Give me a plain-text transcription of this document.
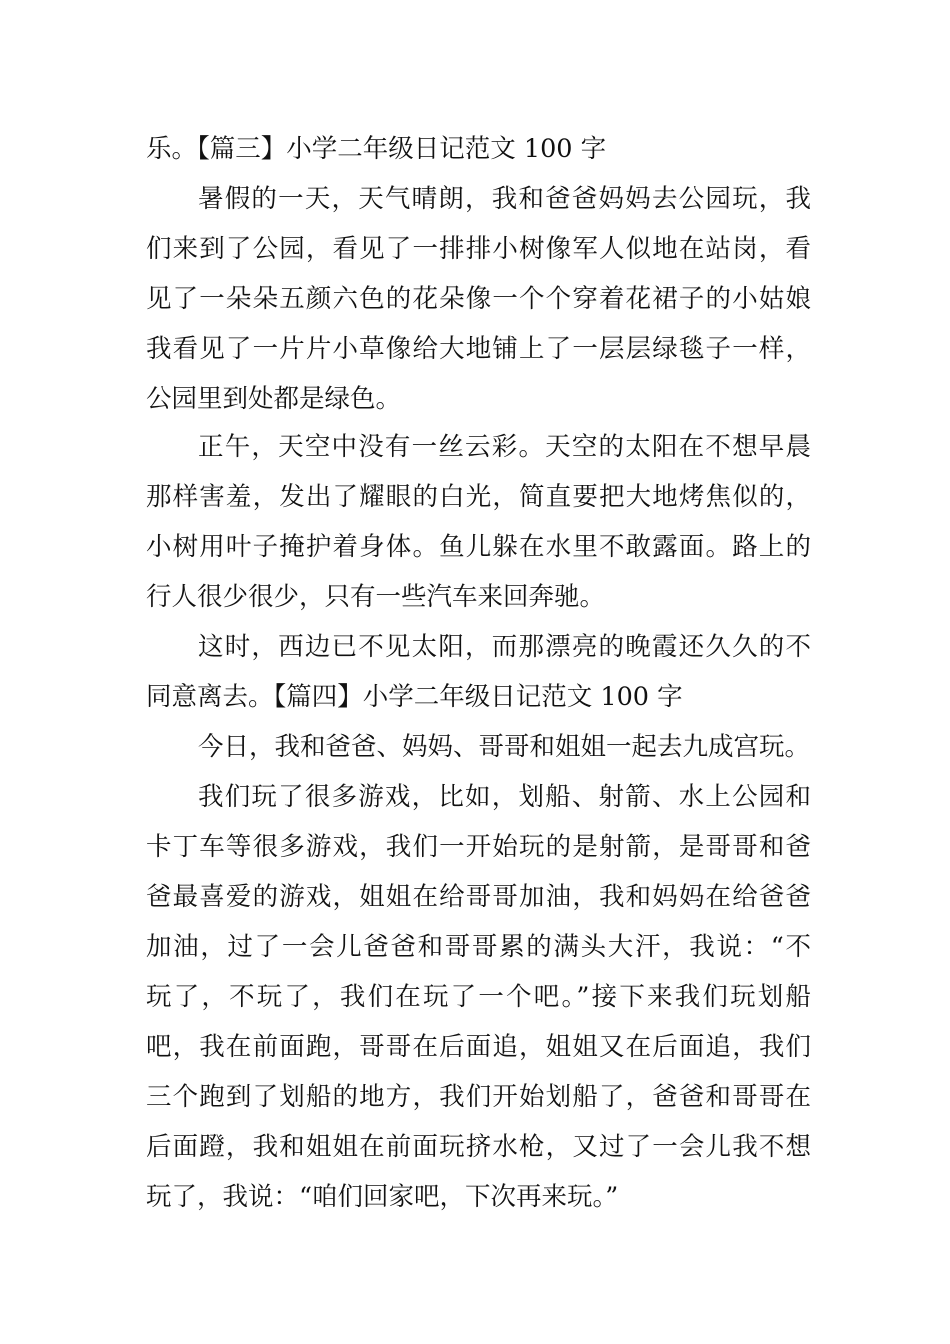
乐。【篇三】小学二年级日记范文 100 字
暑假的一天，天气晴朗，我和爸爸妈妈去公园玩，我
们来到了公园，看见了一排排小树像军人似地在站岗，看
见了一朵朵五颜六色的花朵像一个个穿着花裙子的小姑娘
我看见了一片片小草像给大地铺上了一层层绿毯子一样，
公园里到处都是绿色。
正午，天空中没有一丝云彩。天空的太阳在不想早晨
那样害羞，发出了耀眼的白光，简直要把大地烤焦似的，
小树用叶子掩护着身体。鱼儿躲在水里不敢露面。路上的
行人很少很少，只有一些汽车来回奔驰。
这时，西边已不见太阳，而那漂亮的晚霞还久久的不
同意离去。【篇四】小学二年级日记范文 100 字
今日，我和爸爸、妈妈、哥哥和姐姐一起去九成宫玩。
我们玩了很多游戏，比如，划船、射箭、水上公园和
卡丁车等很多游戏，我们一开始玩的是射箭，是哥哥和爸
爸最喜爱的游戏，姐姐在给哥哥加油，我和妈妈在给爸爸
加油，过了一会儿爸爸和哥哥累的满头大汗，我说：“不
玩了，不玩了，我们在玩了一个吧。”接下来我们玩划船
吧，我在前面跑，哥哥在后面追，姐姐又在后面追，我们
三个跑到了划船的地方，我们开始划船了，爸爸和哥哥在
后面蹬，我和姐姐在前面玩挤水枪，又过了一会儿我不想
玩了，我说：“咱们回家吧，下次再来玩。”
